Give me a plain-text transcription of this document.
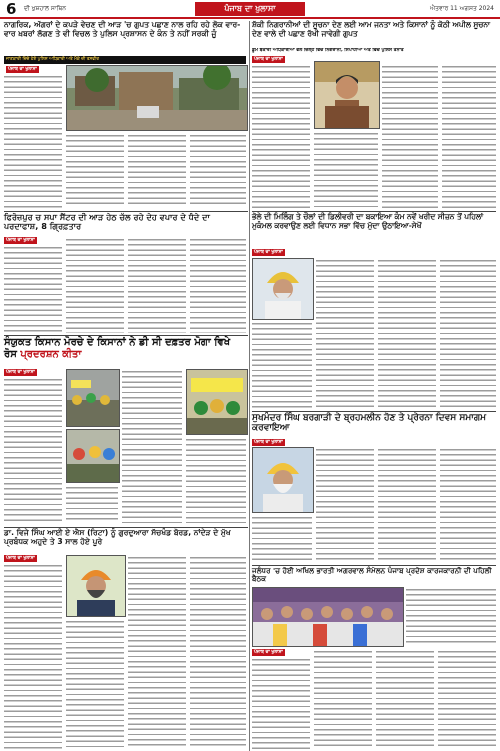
6 ਦੀ ਖੁਸ਼ਹਾਲ ਸਾਥਿਨ	ਪੰਜਾਬ ਦਾ ਖੁਲਾਸਾ	ਐਤਵਾਰ 11 ਅਗਸਤ 2024

ਨਾਗਰਿਕ, ਅੱਗਰਾਂ ਦੇ ਕਪੜੇ ਵੇਚਣ ਦੀ ਆੜ 'ਚ ਗੁਪਤ ਪਛਾਣ ਨਾਲ ਰਹਿ ਰਹੇ ਲੋਕ ਵਾਰ-ਵਾਰ ਖ਼ਬਰਾਂ ਲੱਗਣ ਤੇ ਵੀ ਵਿਚਲ ਤੇ ਪੁਲਿਸ ਪ੍ਰਸ਼ਾਸਨ ਦੇ ਕੰਨ ਤੇ ਨਹੀਂ ਸਰਕੀ ਜੂੰ

ਜਾਣਕਾਰੀ ਦਿੰਦੇ ਹੋਏ ਪੁਲਿਸ ਅਧਿਕਾਰੀ ਅਤੇ ਮੌਕੇ ਦੀ ਤਸਵੀਰ
ਪੰਜਾਬ ਦਾ ਖੁਲਾਸਾ

ਸ਼ੱਕੀ ਨਿਗਰਾਨੀਆਂ ਦੀ ਸੂਚਨਾ ਦੇਣ ਲਈ ਆਮ ਜਨਤਾ ਅਤੇ ਕਿਸਾਨਾਂ ਨੂੰ ਕੋਠੀ ਅਪੀਲ ਸੂਚਨਾ ਦੇਣ ਵਾਲੇ ਦੀ ਪਛਾਣ ਰੱਖੀ ਜਾਵੇਗੀ ਗੁਪਤ

ਡੂਮ ਬਕਾਰੀ ਅਧਿਕਾਰੀਆਂ ਵੱਲੋਂ ਜ਼ਿਲ੍ਹੇ ਵਿੱਚ ਨਿਗਰਾਨੀ, ਸਿਪਾਹੀਆ ਅਤੇ ਵਿੱਚ ਪੁਲਿਸ ਤੈਨਾਤ
ਪੰਜਾਬ ਦਾ ਖੁਲਾਸਾ

ਫਿਰੋਜ਼ਪੁਰ ਚ ਸਪਾ ਸੈਂਟਰ ਦੀ ਆੜ ਹੇਠ ਚੱਲ ਰਹੇ ਦੇਹ ਵਪਾਰ ਦੇ ਧੰਦੇ ਦਾ ਪਰਦਾਫਾਸ਼, 8 ਗ੍ਰਿਫ਼ਤਾਰ

ਪੰਜਾਬ ਦਾ ਖੁਲਾਸਾ

ਭੋਲੇ ਦੀ ਮਿਲਿੰਗ ਤੇ ਚੌਲਾਂ ਦੀ ਡਿਲੀਵਰੀ ਦਾ ਬਕਾਇਆ ਕੰਮ ਨਵੇਂ ਖਰੀਦ ਸੀਜ਼ਨ ਤੋਂ ਪਹਿਲਾਂ ਮੁਕੰਮਲ ਕਰਵਾਉਣ ਲਈ ਵਿਧਾਨ ਸਭਾ ਵਿੱਚ ਮੁੱਦਾ ਉਠਾਇਆ-ਸੇਖੋਂ

ਪੰਜਾਬ ਦਾ ਖੁਲਾਸਾ

ਸੰਯੁਕਤ ਕਿਸਾਨ ਮੋਰਚੇ ਦੇ ਕਿਸਾਨਾਂ ਨੇ ਡੀ ਸੀ ਦਫ਼ਤਰ ਮੋਗਾ ਵਿਖੇ ਰੋਸ ਪ੍ਰਦਰਸ਼ਨ ਕੀਤਾ

ਪੰਜਾਬ ਦਾ ਖੁਲਾਸਾ

ਸੁਖਮੰਦਰ ਸਿੰਘ ਬਰਗਾੜੀ ਦੇ ਬ੍ਰਹਮਲੀਨ ਹੋਣ ਤੇ ਪ੍ਰੇਰਨਾ ਦਿਵਸ ਸਮਾਗਮ ਕਰਵਾਇਆ

ਪੰਜਾਬ ਦਾ ਖੁਲਾਸਾ

ਡਾ. ਵਿਜੇ ਸਿੰਘ ਆਈ ਏ ਐਸ (ਰਿਟਾ) ਨੂੰ ਗੁਰਦੁਆਰਾ ਸੱਚਖੰਡ ਬੋਰਡ, ਨਾਂਦੇੜ ਦੇ ਮੁੱਖ ਪ੍ਰਬੰਧਕ ਅਹੁਦੇ ਤੇ 3 ਸਾਲ ਹੋਏ ਪੂਰੇ

ਪੰਜਾਬ ਦਾ ਖੁਲਾਸਾ

ਜਲੰਧਰ 'ਚ ਹੋਈ ਅਖਿਲ ਭਾਰਤੀ ਅਗਰਵਾਲ ਸੰਮੇਲਨ ਪੰਜਾਬ ਪ੍ਰਦੇਸ਼ ਕਾਰਜਕਾਰਨੀ ਦੀ ਪਹਿਲੀ ਬੈਠਕ

ਪੰਜਾਬ ਦਾ ਖੁਲਾਸਾ
